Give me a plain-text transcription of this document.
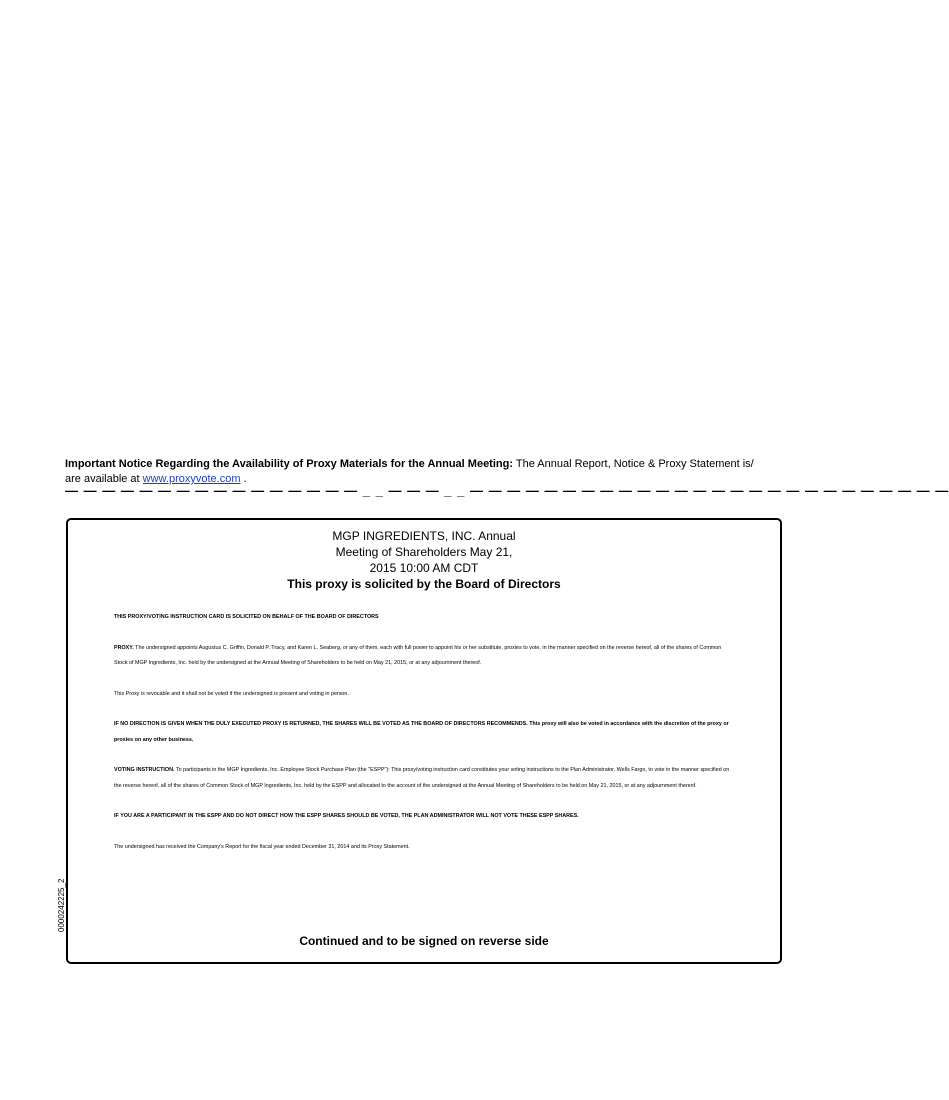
Important Notice Regarding the Availability of Proxy Materials for the Annual Meeting: The Annual Report, Notice & Proxy Statement is/
are available at www.proxyvote.com .
— — — — — — — — — — — — — — — — _ _ — — — _ _ — — — — — — — — — — — — — — — — — — — — — — — — — —
MGP INGREDIENTS, INC. Annual
Meeting of Shareholders May 21,
2015 10:00 AM CDT
This proxy is solicited by the Board of Directors

THIS PROXY/VOTING INSTRUCTION CARD IS SOLICITED ON BEHALF OF THE BOARD OF DIRECTORS

PROXY. The undersigned appoints Augustus C. Griffin, Donald P. Tracy, and Karen L. Seaberg, or any of them, each with full power to appoint his or her substitute, proxies to vote, in the manner specified on the reverse hereof, all of the shares of Common Stock of MGP Ingredients, Inc. held by the undersigned at the Annual Meeting of Shareholders to be held on May 21, 2015, or at any adjournment thereof.

This Proxy is revocable and it shall not be voted if the undersigned is present and voting in person.

IF NO DIRECTION IS GIVEN WHEN THE DULY EXECUTED PROXY IS RETURNED, THE SHARES WILL BE VOTED AS THE BOARD OF DIRECTORS RECOMMENDS. This proxy will also be voted in accordance with the discretion of the proxy or proxies on any other business.

VOTING INSTRUCTION. To participants in the MGP Ingredients, Inc. Employee Stock Purchase Plan (the "ESPP"): This proxy/voting instruction card constitutes your voting instructions to the Plan Administrator, Wells Fargo, to vote in the manner specified on the reverse hereof, all of the shares of Common Stock of MGP Ingredients, Inc. held by the ESPP and allocated to the account of the undersigned at the Annual Meeting of Shareholders to be held on May 21, 2015, or at any adjournment thereof.

IF YOU ARE A PARTICIPANT IN THE ESPP AND DO NOT DIRECT HOW THE ESPP SHARES SHOULD BE VOTED, THE PLAN ADMINISTRATOR WILL NOT VOTE THESE ESPP SHARES.

The undersigned has received the Company's Report for the fiscal year ended December 31, 2014 and its Proxy Statement.

Continued and to be signed on reverse side
0000242225_2
